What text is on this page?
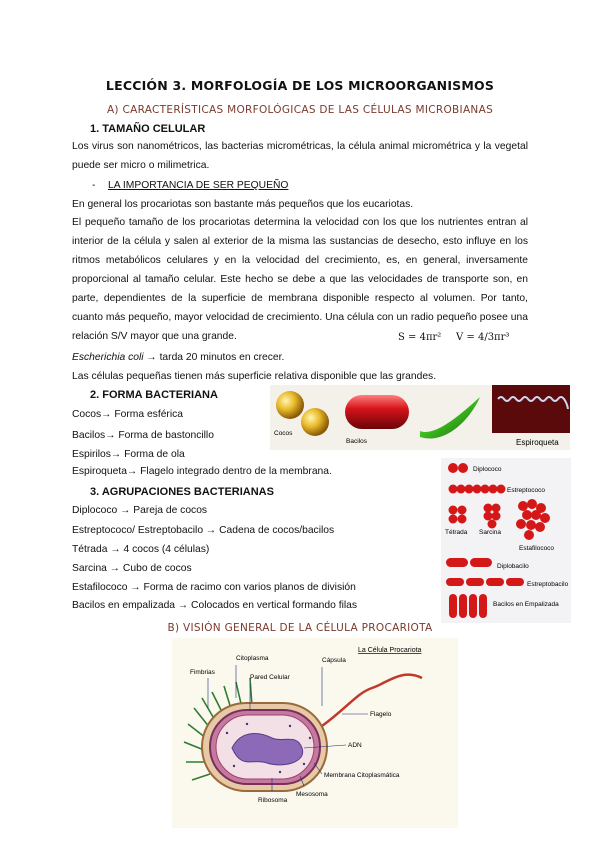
LECCIÓN 3. MORFOLOGÍA DE LOS MICROORGANISMOS
A) CARACTERÍSTICAS MORFOLÓGICAS DE LAS CÉLULAS MICROBIANAS
1. TAMAÑO CELULAR
Los virus son nanométricos, las bacterias micrométricas, la célula animal micrométrica y la vegetal puede ser micro o milimetrica.
- LA IMPORTANCIA DE SER PEQUEÑO
En general los procariotas son bastante más pequeños que los eucariotas.
El pequeño tamaño de los procariotas determina la velocidad con los que los nutrientes entran al interior de la célula y salen al exterior de la misma las sustancias de desecho, esto influye en los ritmos metabólicos celulares y en la velocidad del crecimiento, es, en general, inversamente proporcional al tamaño celular. Este hecho se debe a que las velocidades de transporte son, en parte, dependientes de la superficie de membrana disponible respecto al volumen. Por tanto, cuanto más pequeño, mayor velocidad de crecimiento. Una célula con un radio pequeño posee una relación S/V mayor que una grande.	S = 4πr² V = 4/3πr³
Escherichia coli → tarda 20 minutos en crecer.
Las células pequeñas tienen más superficie relativa disponible que las grandes.
2. FORMA BACTERIANA
Cocos→ Forma esférica
Bacilos→ Forma de bastoncillo
Espirilos→ Forma de ola
Espiroqueta→ Flagelo integrado dentro de la membrana.
Cocos
Bacilos	Espiroqueta
3. AGRUPACIONES BACTERIANAS
Diplococo → Pareja de cocos
Estreptococo/ Estreptobacilo → Cadena de cocos/bacilos
Tétrada → 4 cocos (4 células)
Sarcina → Cubo de cocos
Estafilococo → Forma de racimo con varios planos de división
Bacilos en empalizada → Colocados en vertical formando filas
Diplococo
Estreptococo
Tétrada Sarcina
Estafilococo
Diplobacilo
Estreptobacilo
Bacilos en Empalizada
B) VISIÓN GENERAL DE LA CÉLULA PROCARIOTA
La Célula Procariota
Citoplasma	Cápsula
Fimbrias
Pared Celular
Flagelo
ADN
Membrana Citoplasmática
Ribosoma
Mesosoma
